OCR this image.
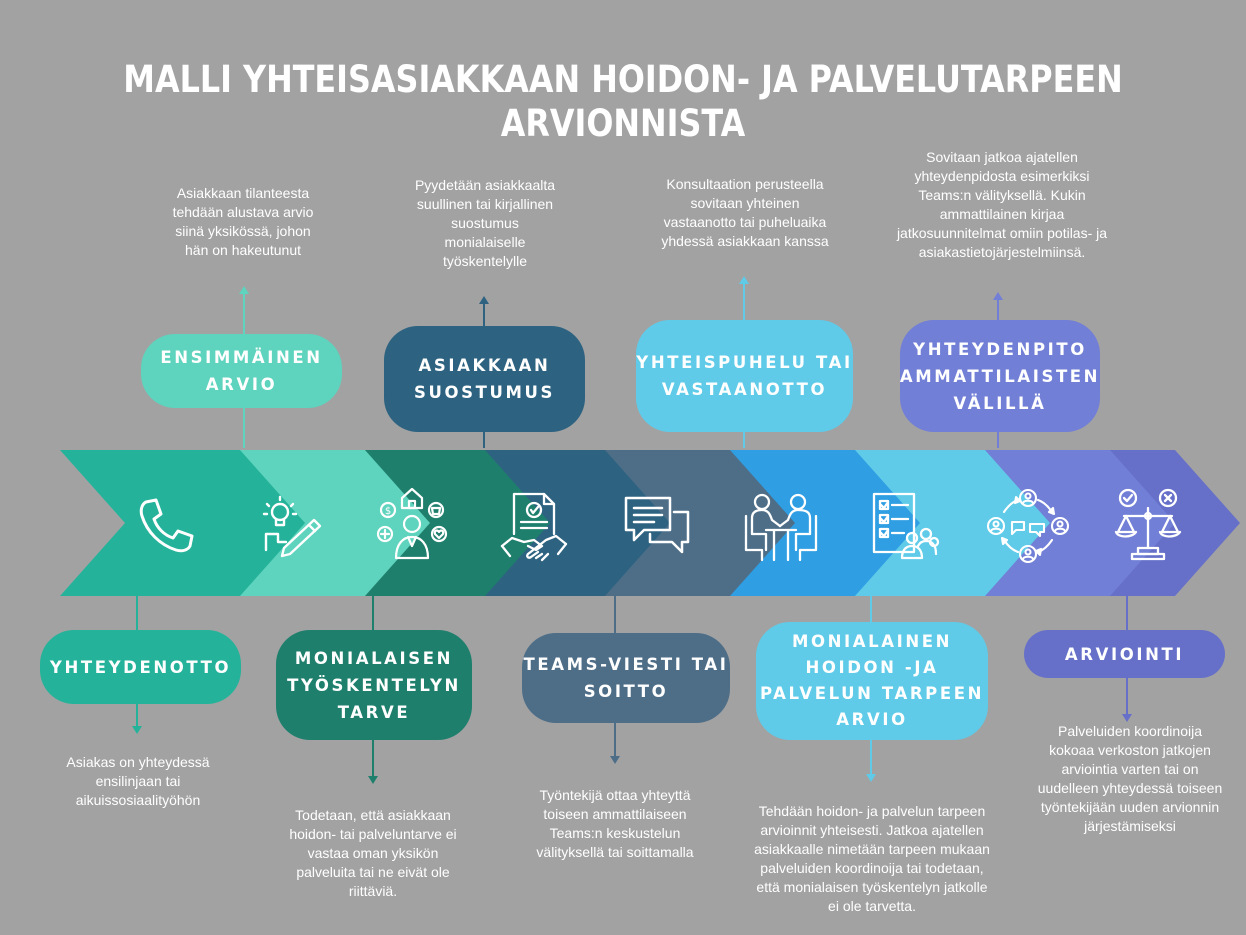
MALLI YHTEISASIAKKAAN HOIDON- JA PALVELUTARPEEN
ARVIONNISTA
$
ENSIMMÄINEN
ARVIO
ASIAKKAAN
SUOSTUMUS
YHTEISPUHELU TAI
VASTAANOTTO
YHTEYDENPITO
AMMATTILAISTEN
VÄLILLÄ
YHTEYDENOTTO	MONIALAISEN
TYÖSKENTELYN
TARVE
TEAMS-VIESTI TAI
SOITTO
MONIALAINEN
HOIDON -JA
PALVELUN TARPEEN
ARVIO
ARVIOINTI
Asiakkaan tilanteesta
tehdään alustava arvio
siinä yksikössä, johon
hän on hakeutunut
Pyydetään asiakkaalta
suullinen tai kirjallinen
suostumus
monialaiselle
työskentelylle
Konsultaation perusteella
sovitaan yhteinen
vastaanotto tai puheluaika
yhdessä asiakkaan kanssa
Sovitaan jatkoa ajatellen
yhteydenpidosta esimerkiksi
Teams:n välityksellä. Kukin
ammattilainen kirjaa
jatkosuunnitelmat omiin potilas- ja
asiakastietojärjestelmiinsä.
Asiakas on yhteydessä
ensilinjaan tai
aikuissosiaalityöhön
Todetaan, että asiakkaan
hoidon- tai palveluntarve ei
vastaa oman yksikön
palveluita tai ne eivät ole
riittäviä.
Työntekijä ottaa yhteyttä
toiseen ammattilaiseen
Teams:n keskustelun
välityksellä tai soittamalla
Tehdään hoidon- ja palvelun tarpeen
arvioinnit yhteisesti. Jatkoa ajatellen
asiakkaalle nimetään tarpeen mukaan
palveluiden koordinoija tai todetaan,
että monialaisen työskentelyn jatkolle
ei ole tarvetta.
Palveluiden koordinoija
kokoaa verkoston jatkojen
arviointia varten tai on
uudelleen yhteydessä toiseen
työntekijään uuden arvionnin
järjestämiseksi
